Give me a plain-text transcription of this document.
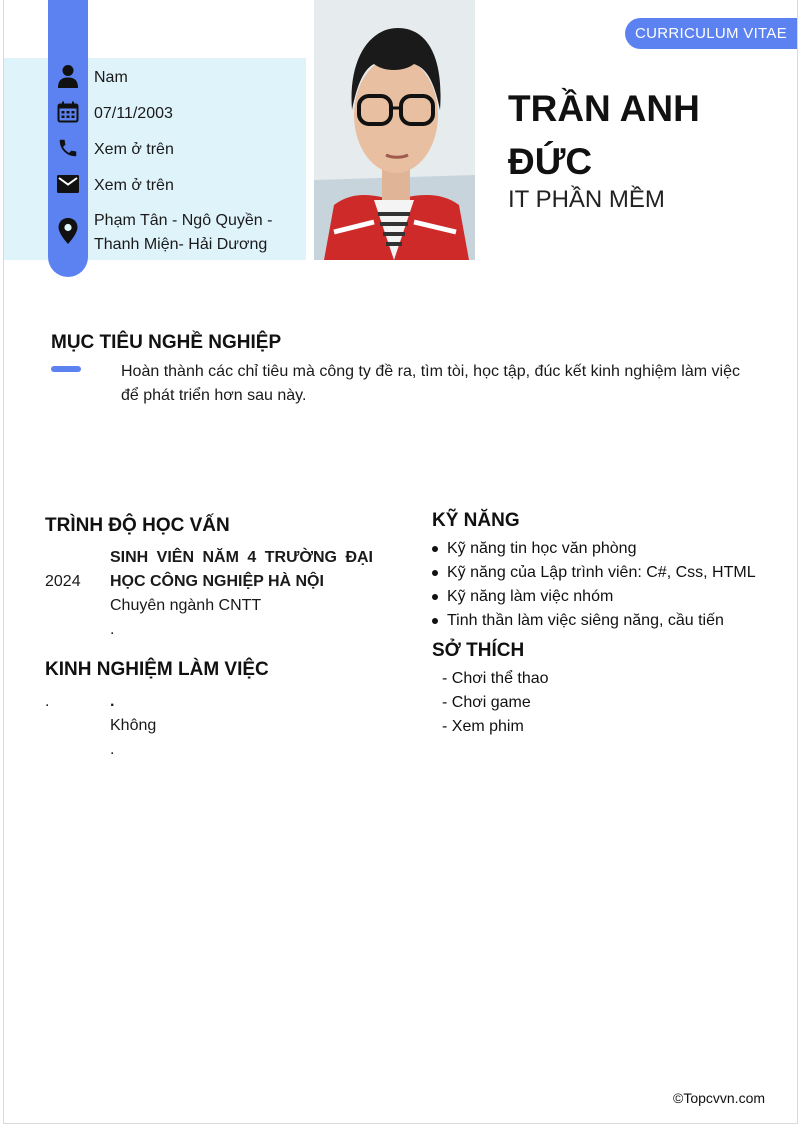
Nam
07/11/2003
Xem ở trên
Xem ở trên
Phạm Tân - Ngô Quyền -
Thanh Miện- Hải Dương
CURRICULUM VITAE
TRẦN ANH
ĐỨC
IT PHẦN MỀM
MỤC TIÊU NGHỀ NGHIỆP
Hoàn thành các chỉ tiêu mà công ty đề ra, tìm tòi, học tập, đúc kết kinh nghiệm làm việc
để phát triển hơn sau này.
TRÌNH ĐỘ HỌC VẤN
2024
SINH VIÊN NĂM 4 TRƯỜNG ĐẠI
HỌC CÔNG NGHIỆP HÀ NỘI
Chuyên ngành CNTT
.
KINH NGHIỆM LÀM VIỆC
.	.
Không
.
KỸ NĂNG
Kỹ năng tin học văn phòng
Kỹ năng của Lập trình viên: C#, Css, HTML
Kỹ năng làm việc nhóm
Tinh thần làm việc siêng năng, cầu tiến
SỞ THÍCH
- Chơi thể thao
- Chơi game
- Xem phim
©Topcvvn.com
